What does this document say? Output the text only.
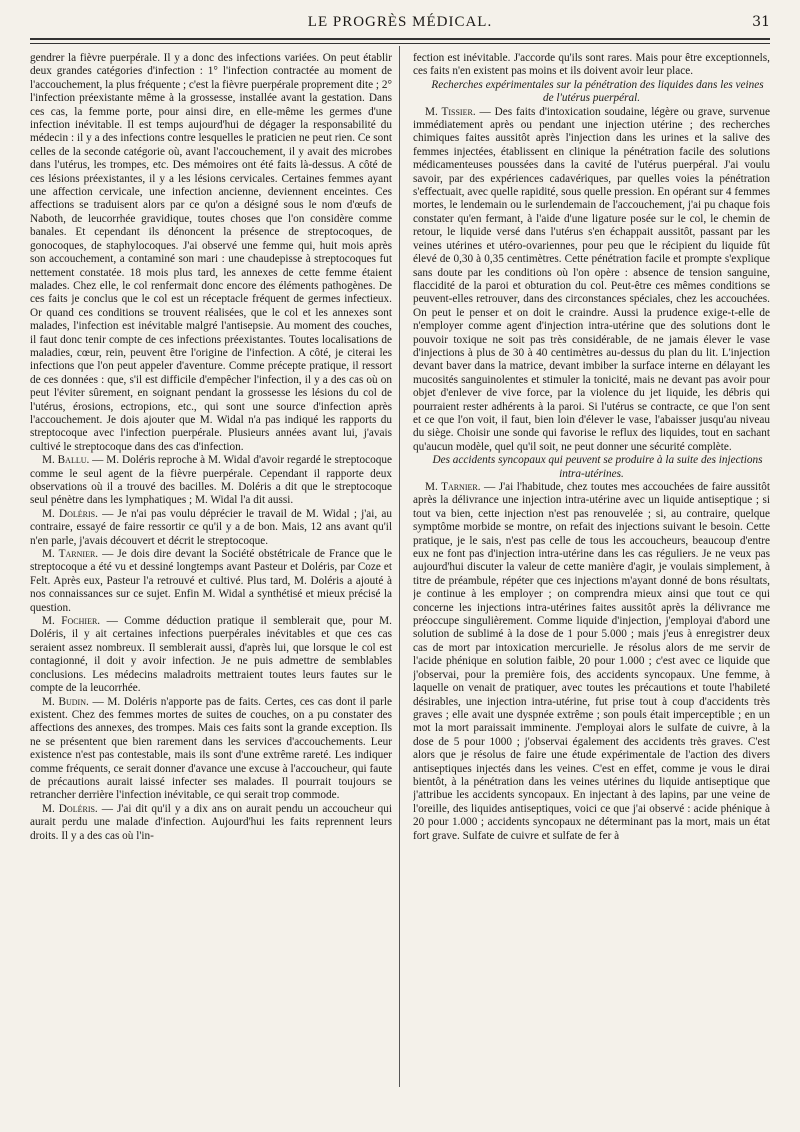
LE PROGRÈS MÉDICAL.	31

gendrer la fièvre puerpérale. Il y a donc des infections variées. On peut établir deux grandes catégories d'infection : 1° l'infection contractée au moment de l'accouchement, la plus fréquente ; c'est la fièvre puerpérale proprement dite ; 2° l'infection préexistante même à la grossesse, installée avant la gestation. Dans ces cas, la femme porte, pour ainsi dire, en elle-même les germes d'une infection inévitable. Il est temps aujourd'hui de dégager la responsabilité du médecin : il y a des infections contre lesquelles le praticien ne peut rien. Ce sont celles de la seconde catégorie où, avant l'accouchement, il y avait des microbes dans l'utérus, les trompes, etc. Des mémoires ont été faits là-dessus. A côté de ces lésions préexistantes, il y a les lésions cervicales. Certaines femmes ayant une affection cervicale, une infection ancienne, deviennent enceintes. Ces affections se traduisent alors par ce qu'on a désigné sous le nom d'œufs de Naboth, de leucorrhée gravidique, toutes choses que l'on considère comme banales. Et cependant ils dénoncent la présence de streptocoques, de gonocoques, de staphylocoques. J'ai observé une femme qui, huit mois après son accouchement, a contaminé son mari : une chaudepisse à streptocoques fut nettement constatée. 18 mois plus tard, les annexes de cette femme étaient malades. Chez elle, le col renfermait donc encore des éléments pathogènes. De ces faits je conclus que le col est un réceptacle fréquent de germes infectieux. Or quand ces conditions se trouvent réalisées, que le col et les annexes sont malades, l'infection est inévitable malgré l'antisepsie. Au moment des couches, il faut donc tenir compte de ces infections préexistantes. Toutes localisations de maladies, cœur, rein, peuvent être l'origine de l'infection. A côté, je citerai les infections que l'on peut appeler d'aventure. Comme précepte pratique, il ressort de ces données : que, s'il est difficile d'empêcher l'infection, il y a des cas où on peut l'éviter sûrement, en soignant pendant la grossesse les lésions du col de l'utérus, érosions, ectropions, etc., qui sont une source d'infection après l'accouchement. Je dois ajouter que M. Widal n'a pas indiqué les rapports du streptocoque avec l'infection puerpérale. Plusieurs années avant lui, j'avais cultivé le streptocoque dans des cas d'infection.

M. Ballu. — M. Doléris reproche à M. Widal d'avoir regardé le streptocoque comme le seul agent de la fièvre puerpérale. Cependant il rapporte deux observations où il a trouvé des bacilles. M. Doléris a dit que le streptocoque seul pénètre dans les lymphatiques ; M. Widal l'a dit aussi.

M. Doléris. — Je n'ai pas voulu déprécier le travail de M. Widal ; j'ai, au contraire, essayé de faire ressortir ce qu'il y a de bon. Mais, 12 ans avant qu'il n'en parle, j'avais découvert et décrit le streptocoque.

M. Tarnier. — Je dois dire devant la Société obstétricale de France que le streptocoque a été vu et dessiné longtemps avant Pasteur et Doléris, par Coze et Felt. Après eux, Pasteur l'a retrouvé et cultivé. Plus tard, M. Doléris a ajouté à nos connaissances sur ce sujet. Enfin M. Widal a synthétisé et mieux précisé la question.

M. Fochier. — Comme déduction pratique il semblerait que, pour M. Doléris, il y ait certaines infections puerpérales inévitables et que ces cas seraient assez nombreux. Il semblerait aussi, d'après lui, que lorsque le col est contagionné, il doit y avoir infection. Je ne puis admettre de semblables conclusions. Les médecins maladroits mettraient toutes leurs fautes sur le compte de la leucorrhée.

M. Budin. — M. Doléris n'apporte pas de faits. Certes, ces cas dont il parle existent. Chez des femmes mortes de suites de couches, on a pu constater des affections des annexes, des trompes. Mais ces faits sont la grande exception. Ils ne se présentent que bien rarement dans les services d'accouchements. Leur existence n'est pas contestable, mais ils sont d'une extrême rareté. Les indiquer comme fréquents, ce serait donner d'avance une excuse à l'accoucheur, qui faute de précautions aurait laissé infecter ses malades. Il pourrait toujours se retrancher derrière l'infection inévitable, ce qui serait trop commode.

M. Doléris. — J'ai dit qu'il y a dix ans on aurait pendu un accoucheur qui aurait perdu une malade d'infection. Aujourd'hui les faits reprennent leurs droits. Il y a des cas où l'in-

fection est inévitable. J'accorde qu'ils sont rares. Mais pour être exceptionnels, ces faits n'en existent pas moins et ils doivent avoir leur place.

Recherches expérimentales sur la pénétration des liquides dans les veines de l'utérus puerpéral.

M. Tissier. — Des faits d'intoxication soudaine, légère ou grave, survenue immédiatement après ou pendant une injection utérine ; des recherches chimiques faites aussitôt après l'injection dans les urines et la salive des femmes injectées, établissent en clinique la pénétration facile des solutions médicamenteuses poussées dans la cavité de l'utérus puerpéral. J'ai voulu savoir, par des expériences cadavériques, par quelles voies la pénétration s'effectuait, avec quelle rapidité, sous quelle pression. En opérant sur 4 femmes mortes, le lendemain ou le surlendemain de l'accouchement, j'ai pu chaque fois constater qu'en fermant, à l'aide d'une ligature posée sur le col, le chemin de retour, le liquide versé dans l'utérus s'en échappait aussitôt, passant par les veines utérines et utéro-ovariennes, pour peu que le récipient du liquide fût élevé de 0,30 à 0,35 centimètres. Cette pénétration facile et prompte s'explique sans doute par les conditions où l'on opère : absence de tension sanguine, flaccidité de la paroi et obturation du col. Peut-être ces mêmes conditions se peuvent-elles retrouver, dans des circonstances spéciales, chez les accouchées. On peut le penser et on doit le craindre. Aussi la prudence exige-t-elle de n'employer comme agent d'injection intra-utérine que des solutions dont le pouvoir toxique ne soit pas très considérable, de ne jamais élever le vase d'injections à plus de 30 à 40 centimètres au-dessus du plan du lit. L'injection devant baver dans la matrice, devant imbiber la surface interne en délayant les mucosités sanguinolentes et stimuler la tonicité, mais ne devant pas avoir pour objet d'enlever de vive force, par la violence du jet liquide, les débris qui pourraient rester adhérents à la paroi. Si l'utérus se contracte, ce que l'on sent et ce que l'on voit, il faut, bien loin d'élever le vase, l'abaisser jusqu'au niveau du siège. Choisir une sonde qui favorise le reflux des liquides, tout en sachant qu'aucun modèle, quel qu'il soit, ne peut donner une sécurité complète.

Des accidents syncopaux qui peuvent se produire à la suite des injections intra-utérines.

M. Tarnier. — J'ai l'habitude, chez toutes mes accouchées de faire aussitôt après la délivrance une injection intra-utérine avec un liquide antiseptique ; si tout va bien, cette injection n'est pas renouvelée ; si, au contraire, quelque symptôme morbide se montre, on refait des injections suivant le besoin. Cette pratique, je le sais, n'est pas celle de tous les accoucheurs, beaucoup d'entre eux ne font pas d'injection intra-utérine dans les cas réguliers. Je ne veux pas aujourd'hui discuter la valeur de cette manière d'agir, je voulais simplement, à titre de préambule, répéter que ces injections m'ayant donné de bons résultats, je continue à les employer ; on comprendra mieux ainsi que tout ce qui concerne les injections intra-utérines faites aussitôt après la délivrance me préoccupe singulièrement. Comme liquide d'injection, j'employai d'abord une solution de sublimé à la dose de 1 pour 5.000 ; mais j'eus à enregistrer deux cas de mort par intoxication mercurielle. Je résolus alors de me servir de l'acide phénique en solution faible, 20 pour 1.000 ; c'est avec ce liquide que j'observai, pour la première fois, des accidents syncopaux. Une femme, à laquelle on venait de pratiquer, avec toutes les précautions et toute l'habileté désirables, une injection intra-utérine, fut prise tout à coup d'accidents très graves ; elle avait une dyspnée extrême ; son pouls était imperceptible ; en un mot la mort paraissait imminente. J'employai alors le sulfate de cuivre, à la dose de 5 pour 1000 ; j'observai également des accidents très graves. C'est alors que je résolus de faire une étude expérimentale de l'action des divers antiseptiques injectés dans les veines. C'est en effet, comme je vous le dirai bientôt, à la pénétration dans les veines utérines du liquide antiseptique que j'attribue les accidents syncopaux. En injectant à des lapins, par une veine de l'oreille, des liquides antiseptiques, voici ce que j'ai observé : acide phénique à 20 pour 1.000 ; accidents syncopaux ne déterminant pas la mort, mais un état fort grave. Sulfate de cuivre et sulfate de fer à
